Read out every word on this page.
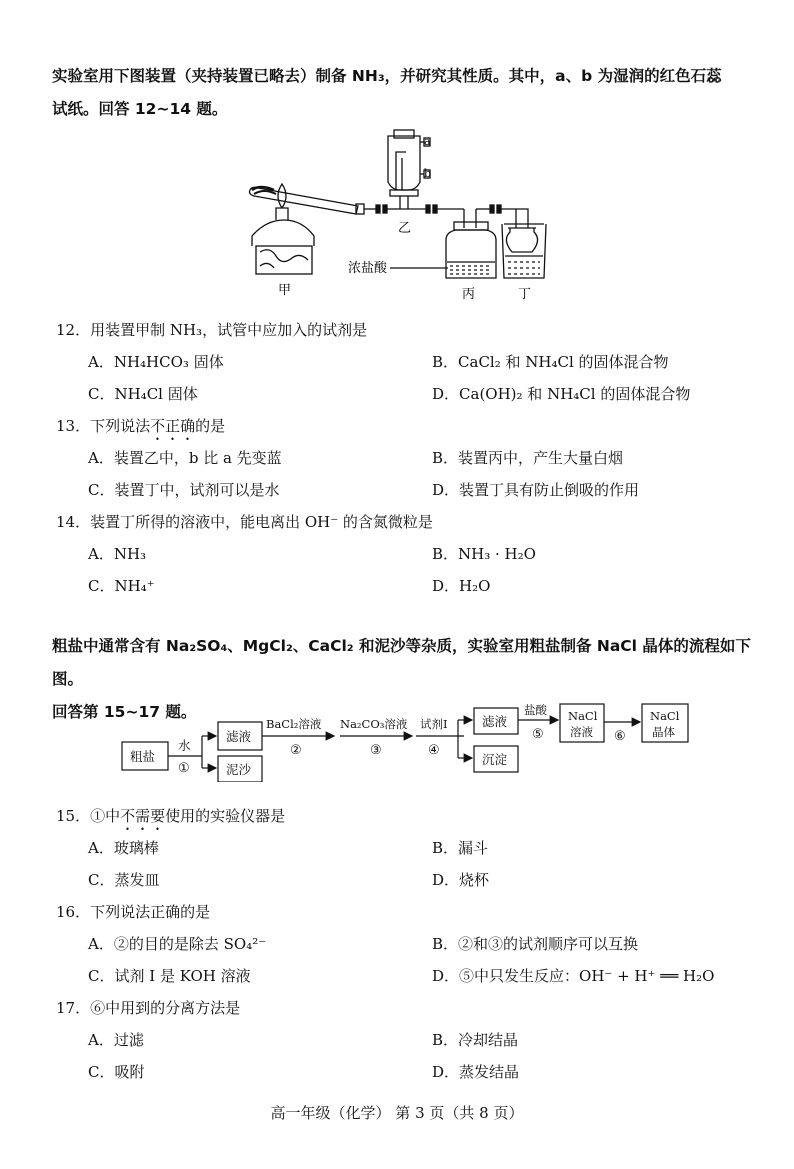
实验室用下图装置（夹持装置已略去）制备 NH₃，并研究其性质。其中，a、b 为湿润的红色石蕊
试纸。回答 12~14 题。
a
b
乙
甲	丙	丁
浓盐酸
12．用装置甲制 NH₃，试管中应加入的试剂是
A．NH₄HCO₃ 固体	B．CaCl₂ 和 NH₄Cl 的固体混合物
C．NH₄Cl 固体	D．Ca(OH)₂ 和 NH₄Cl 的固体混合物
13．下列说法不正确的是
A．装置乙中，b 比 a 先变蓝	B．装置丙中，产生大量白烟
C．装置丁中，试剂可以是水	D．装置丁具有防止倒吸的作用
14．装置丁所得的溶液中，能电离出 OH⁻ 的含氮微粒是
A．NH₃	B．NH₃ · H₂O
C．NH₄⁺	D．H₂O
粗盐中通常含有 Na₂SO₄、MgCl₂、CaCl₂ 和泥沙等杂质，实验室用粗盐制备 NaCl 晶体的流程如下图。
回答第 15~17 题。
粗盐
水
①
滤液
泥沙
BaCl₂溶液
②
Na₂CO₃溶液
③
试剂I
④
滤液
沉淀
盐酸
⑤
NaCl
溶液 ⑥
NaCl
晶体
15．①中不需要使用的实验仪器是
A．玻璃棒	B．漏斗
C．蒸发皿	D．烧杯
16．下列说法正确的是
A．②的目的是除去 SO₄²⁻	B．②和③的试剂顺序可以互换
C．试剂 I 是 KOH 溶液	D．⑤中只发生反应：OH⁻ + H⁺ ══ H₂O
17．⑥中用到的分离方法是
A．过滤	B．冷却结晶
C．吸附	D．蒸发结晶
高一年级（化学） 第 3 页（共 8 页）
